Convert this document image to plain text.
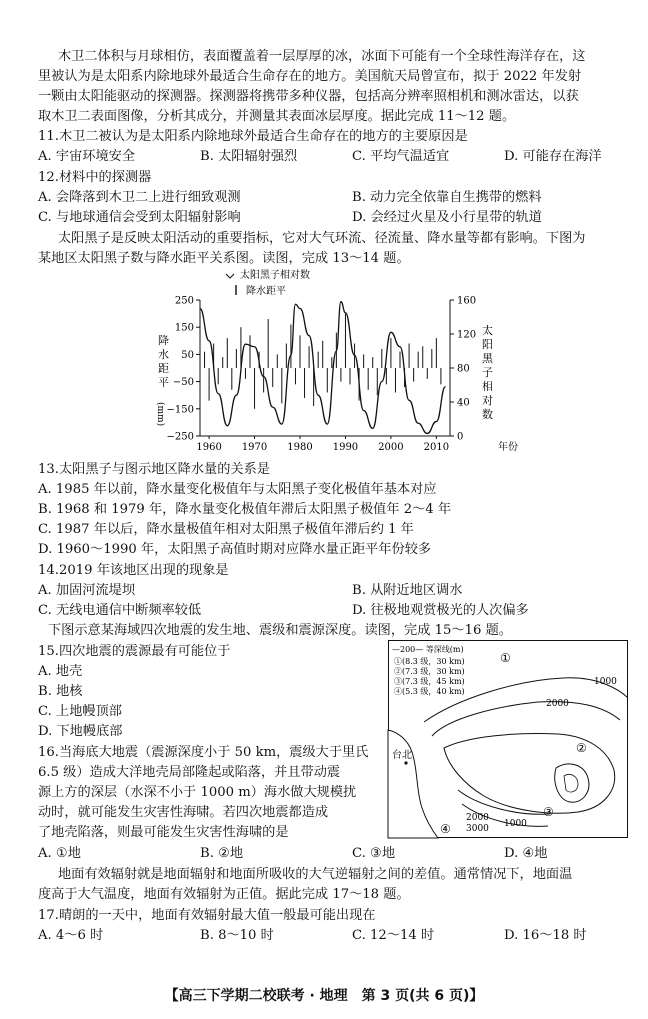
木卫二体积与月球相仿，表面覆盖着一层厚厚的冰，冰面下可能有一个全球性海洋存在，这
里被认为是太阳系内除地球外最适合生命存在的地方。美国航天局曾宣布，拟于 2022 年发射
一颗由太阳能驱动的探测器。探测器将携带多种仪器，包括高分辨率照相机和测冰雷达，以获
取木卫二表面图像，分析其成分，并测量其表面冰层厚度。据此完成 11～12 题。
11.木卫二被认为是太阳系内除地球外最适合生命存在的地方的主要原因是
A. 宇宙环境安全	B. 太阳辐射强烈	C. 平均气温适宜	D. 可能存在海洋
12.材料中的探测器
A. 会降落到木卫二上进行细致观测	B. 动力完全依靠自生携带的燃料
C. 与地球通信会受到太阳辐射影响	D. 会经过火星及小行星带的轨道
太阳黑子是反映太阳活动的重要指标，它对大气环流、径流量、降水量等都有影响。下图为
某地区太阳黑子数与降水距平关系图。读图，完成 13～14 题。
太阳黑子相对数
降水距平
降
水
距
平
(mm)
太
阳
黑
子
相
对
数
250
150
50
−50
−150
−250
160
120
80
40
0
1960 1970 1980 1990 2000 2010	年份
13.太阳黑子与图示地区降水量的关系是
A. 1985 年以前，降水量变化极值年与太阳黑子变化极值年基本对应
B. 1968 和 1979 年，降水量变化极值年滞后太阳黑子极值年 2～4 年
C. 1987 年以后，降水量极值年相对太阳黑子极值年滞后约 1 年
D. 1960～1990 年，太阳黑子高值时期对应降水量正距平年份较多
14.2019 年该地区出现的现象是
A. 加固河流堤坝	B. 从附近地区调水
C. 无线电通信中断频率较低	D. 往极地观赏极光的人次偏多
下图示意某海域四次地震的发生地、震级和震源深度。读图，完成 15～16 题。
15.四次地震的震源最有可能位于
A. 地壳
B. 地核
C. 上地幔顶部
D. 下地幔底部
16.当海底大地震（震源深度小于 50 km，震级大于里氏
6.5 级）造成大洋地壳局部隆起或陷落，并且带动震
源上方的深层（水深不小于 1000 m）海水做大规模扰
动时，就可能发生灾害性海啸。若四次地震都造成
了地壳陷落，则最可能发生灾害性海啸的是
A. ①地	B. ②地	C. ③地	D. ④地
—200— 等深线(m)
①(8.3 级，30 km)
②(7.3 级，30 km)
③(7.3 级，45 km)
④(5.3 级，40 km)
1000
2000
1000
2000
3000
台北
①
②
③
④
地面有效辐射就是地面辐射和地面所吸收的大气逆辐射之间的差值。通常情况下，地面温
度高于大气温度，地面有效辐射为正值。据此完成 17～18 题。
17.晴朗的一天中，地面有效辐射最大值一般最可能出现在
A. 4～6 时	B. 8～10 时	C. 12～14 时	D. 16～18 时
【高三下学期二校联考 · 地理　第 3 页(共 6 页)】
